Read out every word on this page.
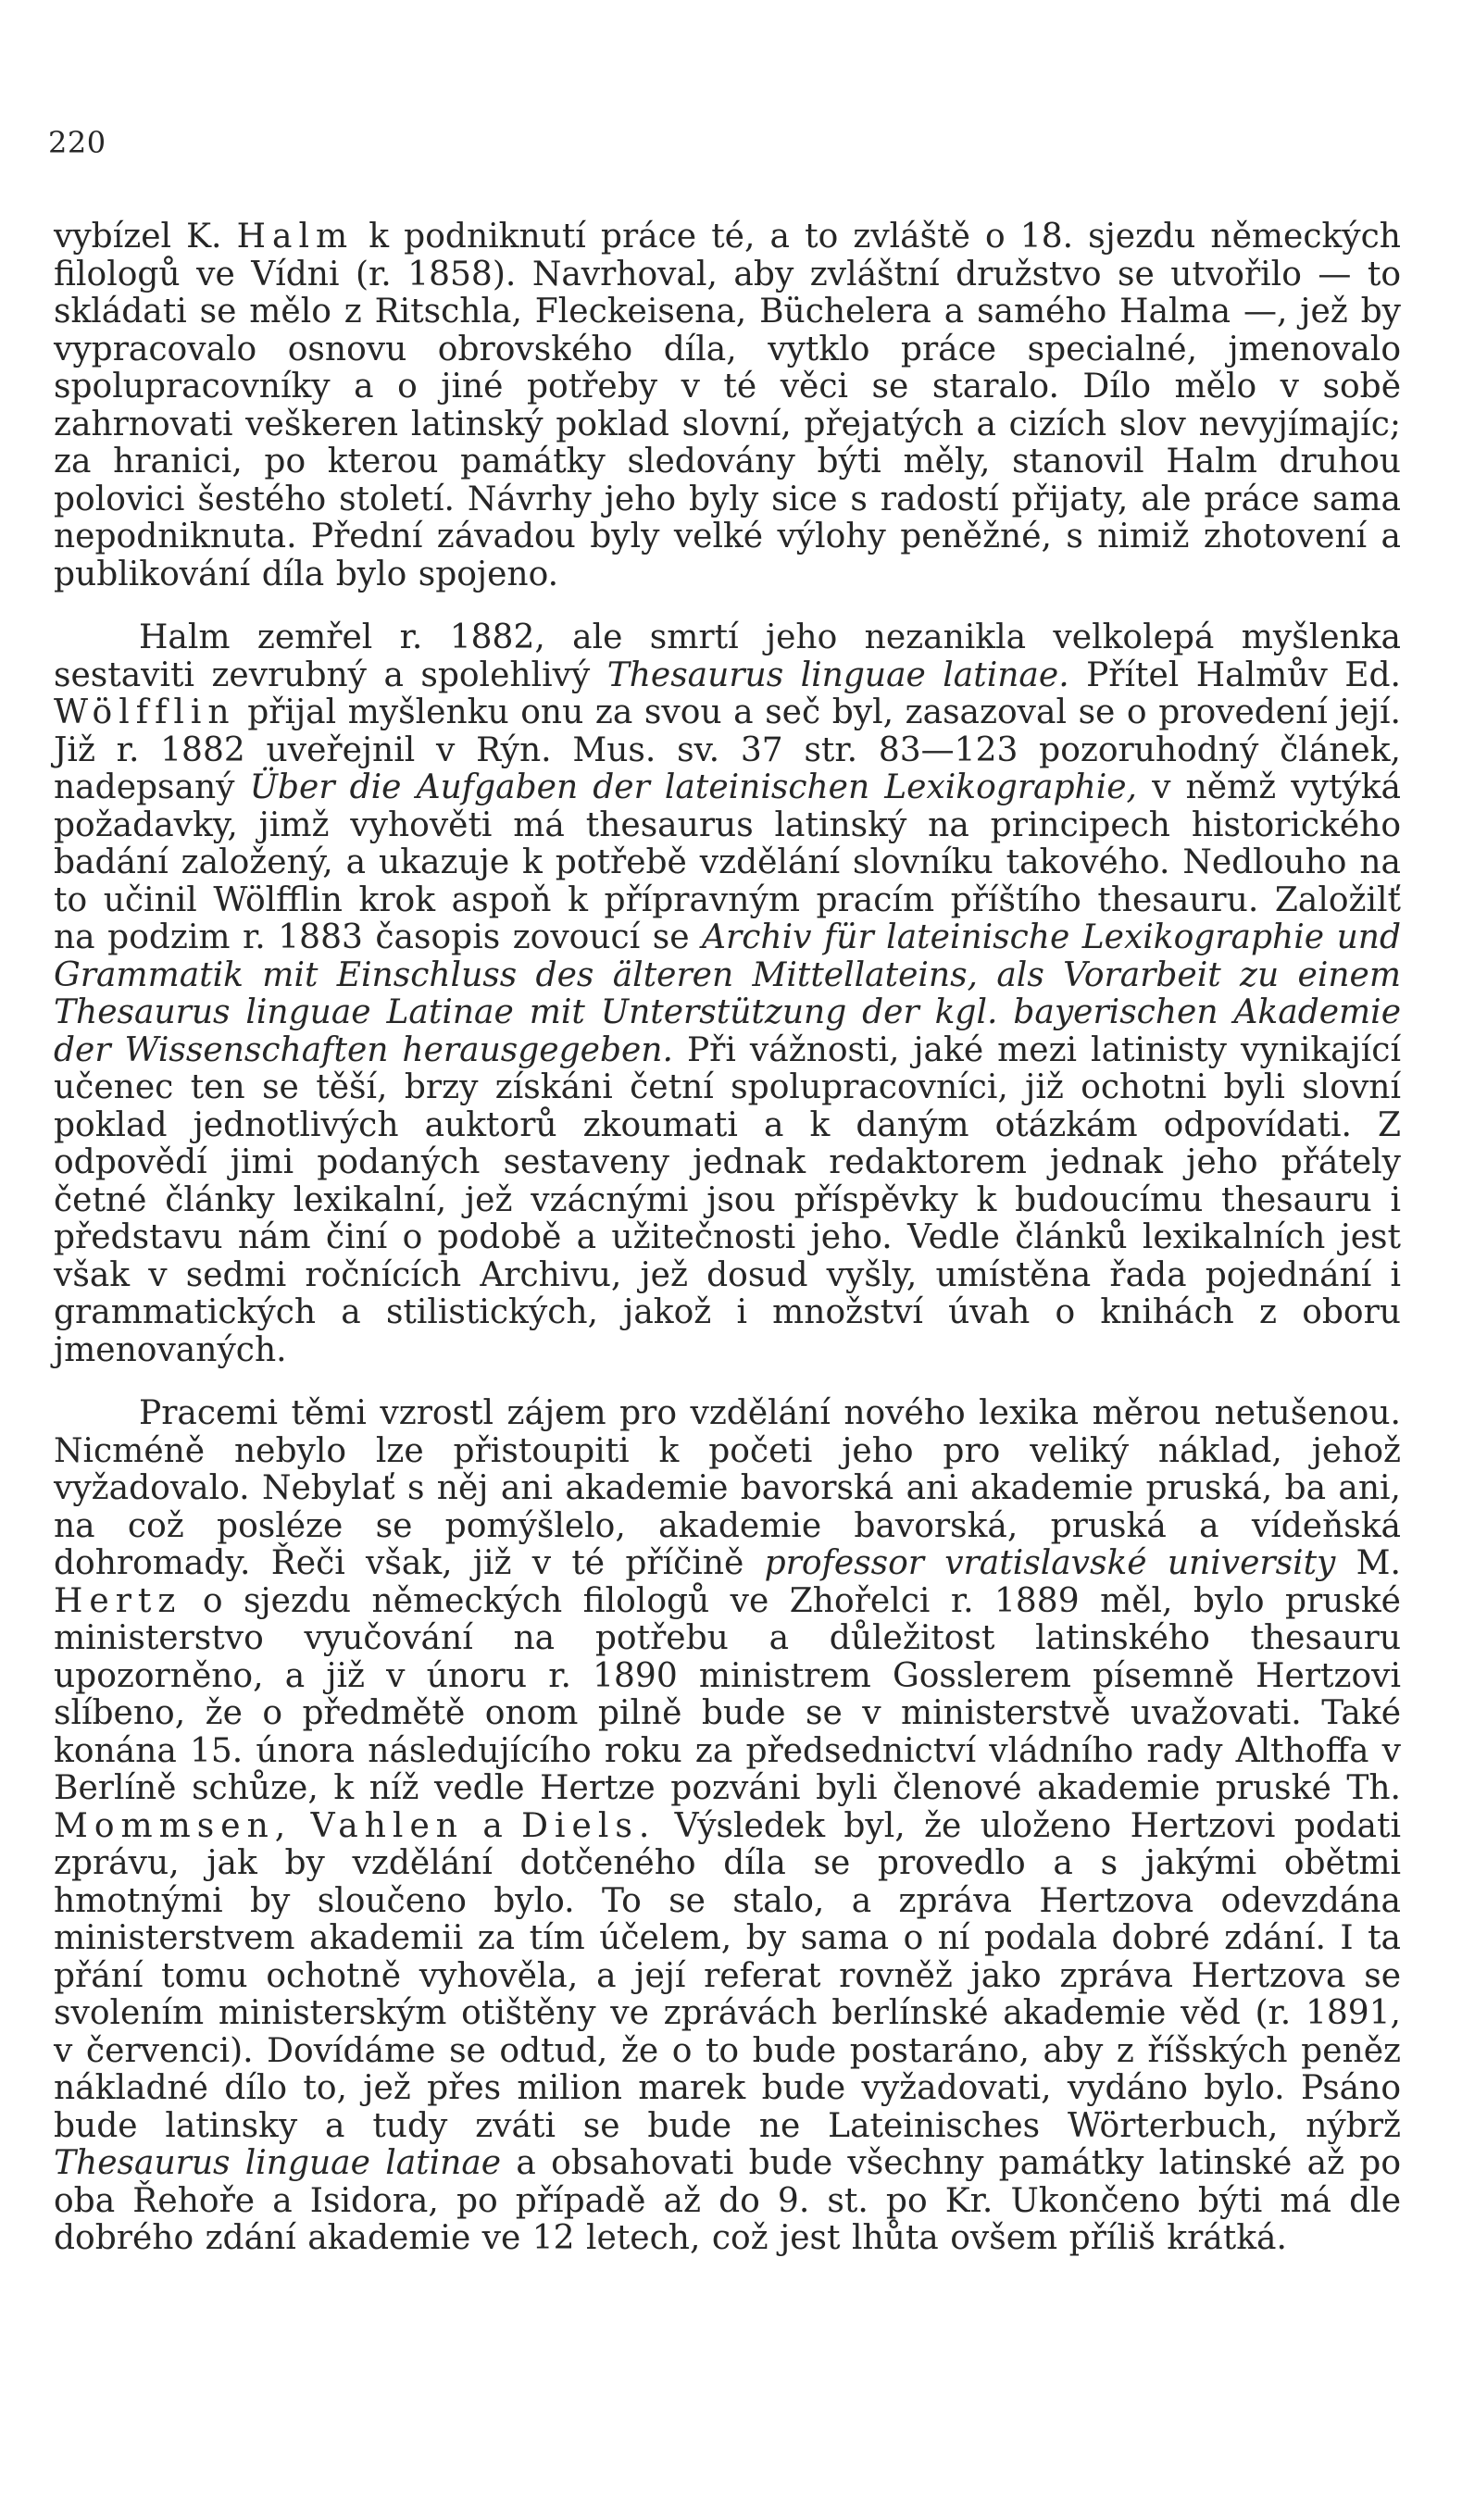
220

vybízel K. Halm k podniknutí práce té, a to zvláště o 18. sjezdu německých filologů ve Vídni (r. 1858). Navrhoval, aby zvláštní družstvo se utvořilo — to skládati se mělo z Ritschla, Fleckeisena, Büchelera a samého Halma —, jež by vypracovalo osnovu obrovského díla, vytklo práce specialné, jmenovalo spolupracovníky a o jiné potřeby v té věci se staralo. Dílo mělo v sobě zahrnovati veškeren latinský poklad slovní, přejatých a cizích slov nevyjímajíc; za hranici, po kterou památky sledovány býti měly, stanovil Halm druhou polovici šestého století. Návrhy jeho byly sice s radostí přijaty, ale práce sama nepodniknuta. Přední závadou byly velké výlohy peněžné, s nimiž zhotovení a publikování díla bylo spojeno.

Halm zemřel r. 1882, ale smrtí jeho nezanikla velkolepá myšlenka sestaviti zevrubný a spolehlivý Thesaurus linguae latinae. Přítel Halmův Ed. Wölfflin přijal myšlenku onu za svou a seč byl, zasazoval se o provedení její. Již r. 1882 uveřejnil v Rýn. Mus. sv. 37 str. 83—123 pozoruhodný článek, nadepsaný Über die Aufgaben der lateinischen Lexikographie, v němž vytýká požadavky, jimž vyhověti má thesaurus latinský na principech historického badání založený, a ukazuje k potřebě vzdělání slovníku takového. Nedlouho na to učinil Wölfflin krok aspoň k přípravným pracím příštího thesauru. Založilť na podzim r. 1883 časopis zovoucí se Archiv für lateinische Lexikographie und Grammatik mit Einschluss des älteren Mittellateins, als Vorarbeit zu einem Thesaurus linguae Latinae mit Unterstützung der kgl. bayerischen Akademie der Wissenschaften herausgegeben. Při vážnosti, jaké mezi latinisty vynikající učenec ten se těší, brzy získáni četní spolupracovníci, již ochotni byli slovní poklad jednotlivých auktorů zkoumati a k daným otázkám odpovídati. Z odpovědí jimi podaných sestaveny jednak redaktorem jednak jeho přátely četné články lexikalní, jež vzácnými jsou příspěvky k budoucímu thesauru i představu nám činí o podobě a užitečnosti jeho. Vedle článků lexikalních jest však v sedmi ročnících Archivu, jež dosud vyšly, umístěna řada pojednání i grammatických a stilistických, jakož i množství úvah o knihách z oboru jmenovaných.

Pracemi těmi vzrostl zájem pro vzdělání nového lexika měrou netušenou. Nicméně nebylo lze přistoupiti k početi jeho pro veliký náklad, jehož vyžadovalo. Nebylať s něj ani akademie bavorská ani akademie pruská, ba ani, na což posléze se pomýšlelo, akademie bavorská, pruská a vídeňská dohromady. Řeči však, již v té příčině professor vratislavské university M. Hertz o sjezdu německých filologů ve Zhořelci r. 1889 měl, bylo pruské ministerstvo vyučování na potřebu a důležitost latinského thesauru upozorněno, a již v únoru r. 1890 ministrem Gosslerem písemně Hertzovi slíbeno, že o předmětě onom pilně bude se v ministerstvě uvažovati. Také konána 15. února následujícího roku za předsednictví vládního rady Althoffa v Berlíně schůze, k níž vedle Hertze pozváni byli členové akademie pruské Th. Mommsen, Vahlen a Diels. Výsledek byl, že uloženo Hertzovi podati zprávu, jak by vzdělání dotčeného díla se provedlo a s jakými obětmi hmotnými by sloučeno bylo. To se stalo, a zpráva Hertzova odevzdána ministerstvem akademii za tím účelem, by sama o ní podala dobré zdání. I ta přání tomu ochotně vyhověla, a její referat rovněž jako zpráva Hertzova se svolením ministerským otištěny ve zprávách berlínské akademie věd (r. 1891, v červenci). Dovídáme se odtud, že o to bude postaráno, aby z říšských peněz nákladné dílo to, jež přes milion marek bude vyžadovati, vydáno bylo. Psáno bude latinsky a tudy zváti se bude ne Lateinisches Wörterbuch, nýbrž Thesaurus linguae latinae a obsahovati bude všechny památky latinské až po oba Řehoře a Isidora, po případě až do 9. st. po Kr. Ukončeno býti má dle dobrého zdání akademie ve 12 letech, což jest lhůta ovšem příliš krátká.
